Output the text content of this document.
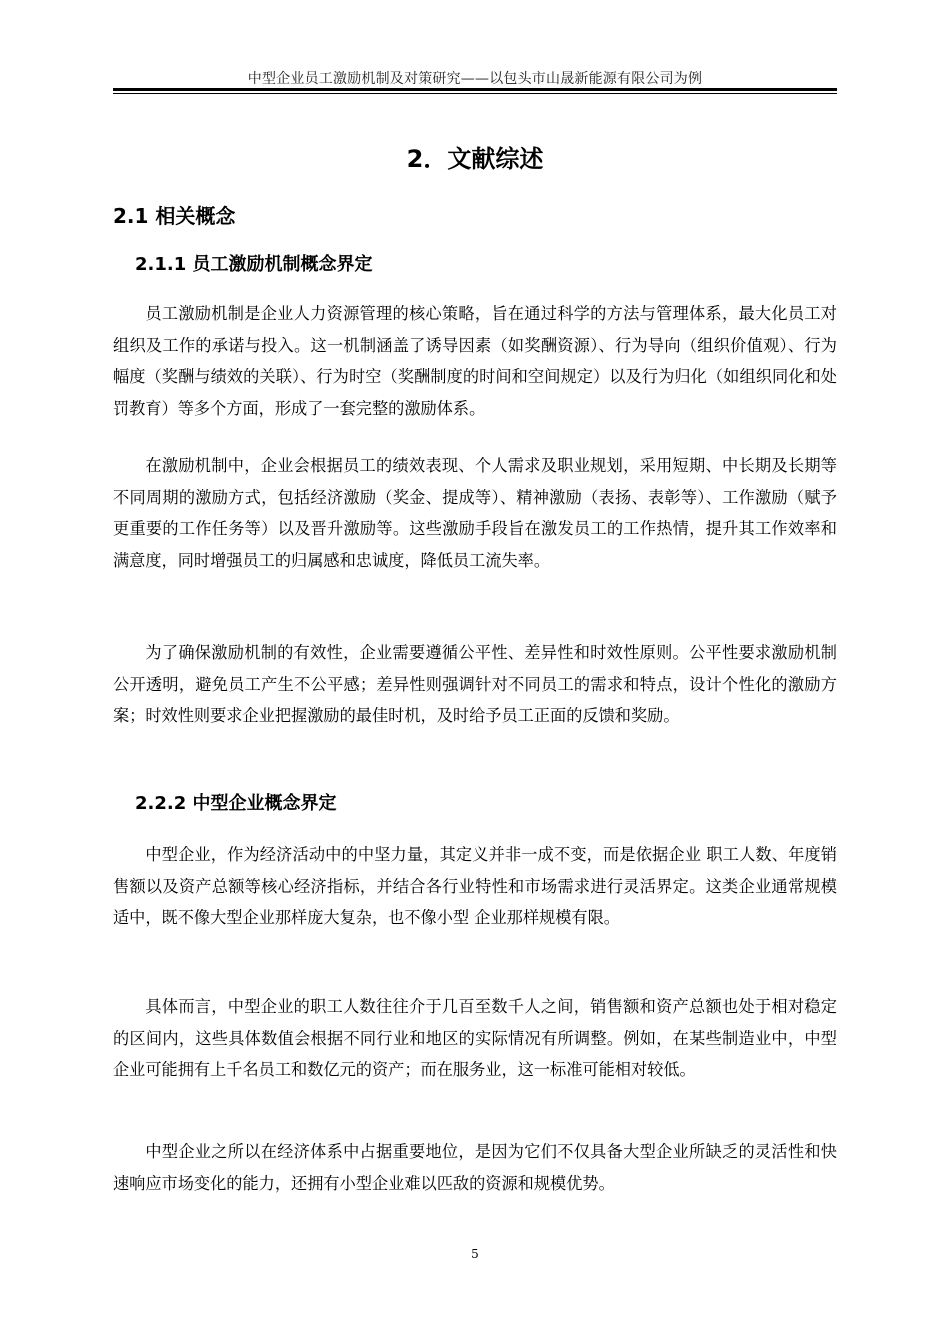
中型企业员工激励机制及对策研究——以包头市山晟新能源有限公司为例
2．文献综述
2.1 相关概念
2.1.1 员工激励机制概念界定

员工激励机制是企业人力资源管理的核心策略，旨在通过科学的方法与管理体系，最大化员工对组织及工作的承诺与投入。这一机制涵盖了诱导因素（如奖酬资源）、行为导向（组织价值观）、行为幅度（奖酬与绩效的关联）、行为时空（奖酬制度的时间和空间规定）以及行为归化（如组织同化和处罚教育）等多个方面，形成了一套完整的激励体系。

在激励机制中，企业会根据员工的绩效表现、个人需求及职业规划，采用短期、中长期及长期等不同周期的激励方式，包括经济激励（奖金、提成等）、精神激励（表扬、表彰等）、工作激励（赋予更重要的工作任务等）以及晋升激励等。这些激励手段旨在激发员工的工作热情，提升其工作效率和满意度，同时增强员工的归属感和忠诚度，降低员工流失率。

为了确保激励机制的有效性，企业需要遵循公平性、差异性和时效性原则。公平性要求激励机制公开透明，避免员工产生不公平感；差异性则强调针对不同员工的需求和特点，设计个性化的激励方案；时效性则要求企业把握激励的最佳时机，及时给予员工正面的反馈和奖励。

2.2.2 中型企业概念界定

中型企业，作为经济活动中的中坚力量，其定义并非一成不变，而是依据企业 职工人数、年度销售额以及资产总额等核心经济指标，并结合各行业特性和市场需求进行灵活界定。这类企业通常规模适中，既不像大型企业那样庞大复杂，也不像小型 企业那样规模有限。

具体而言，中型企业的职工人数往往介于几百至数千人之间，销售额和资产总额也处于相对稳定的区间内，这些具体数值会根据不同行业和地区的实际情况有所调整。例如，在某些制造业中，中型企业可能拥有上千名员工和数亿元的资产；而在服务业，这一标准可能相对较低。

中型企业之所以在经济体系中占据重要地位，是因为它们不仅具备大型企业所缺乏的灵活性和快速响应市场变化的能力，还拥有小型企业难以匹敌的资源和规模优势。

5
